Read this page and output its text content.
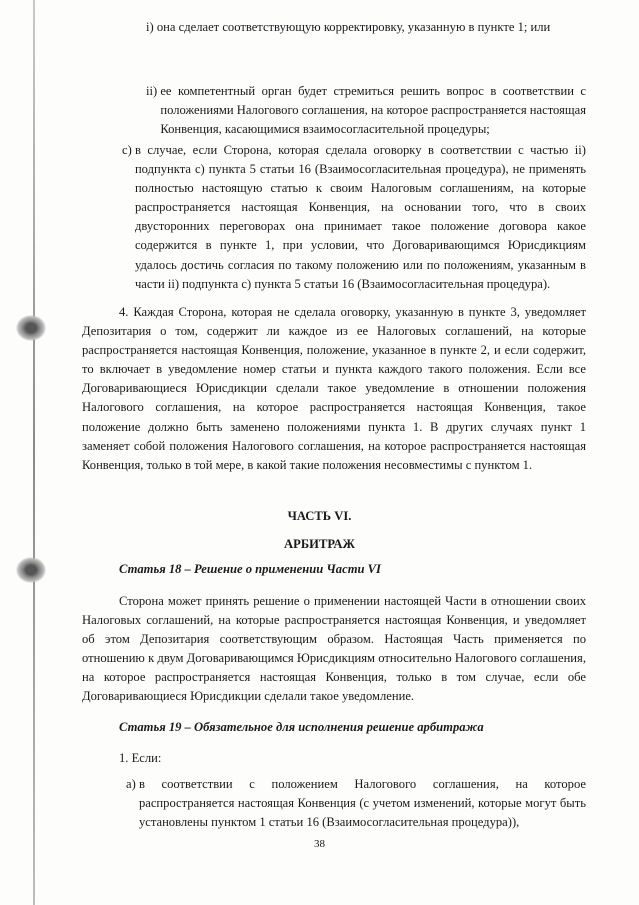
i) она сделает соответствующую корректировку, указанную в пункте 1; или

ii) ее компетентный орган будет стремиться решить вопрос в соответствии с положениями Налогового соглашения, на которое распространяется настоящая Конвенция, касающимися взаимосогласительной процедуры;
c) в случае, если Сторона, которая сделала оговорку в соответствии с частью ii) подпункта c) пункта 5 статьи 16 (Взаимосогласительная процедура), не применять полностью настоящую статью к своим Налоговым соглашениям, на которые распространяется настоящая Конвенция, на основании того, что в своих двусторонних переговорах она принимает такое положение договора какое содержится в пункте 1, при условии, что Договаривающимся Юрисдикциям удалось достичь согласия по такому положению или по положениям, указанным в части ii) подпункта c) пункта 5 статьи 16 (Взаимосогласительная процедура).

4. Каждая Сторона, которая не сделала оговорку, указанную в пункте 3, уведомляет Депозитария о том, содержит ли каждое из ее Налоговых соглашений, на которые распространяется настоящая Конвенция, положение, указанное в пункте 2, и если содержит, то включает в уведомление номер статьи и пункта каждого такого положения. Если все Договаривающиеся Юрисдикции сделали такое уведомление в отношении положения Налогового соглашения, на которое распространяется настоящая Конвенция, такое положение должно быть заменено положениями пункта 1. В других случаях пункт 1 заменяет собой положения Налогового соглашения, на которое распространяется настоящая Конвенция, только в той мере, в какой такие положения несовместимы с пунктом 1.

ЧАСТЬ VI.

АРБИТРАЖ

Статья 18 – Решение о применении Части VI

Сторона может принять решение о применении настоящей Части в отношении своих Налоговых соглашений, на которые распространяется настоящая Конвенция, и уведомляет об этом Депозитария соответствующим образом. Настоящая Часть применяется по отношению к двум Договаривающимся Юрисдикциям относительно Налогового соглашения, на которое распространяется настоящая Конвенция, только в том случае, если обе Договаривающиеся Юрисдикции сделали такое уведомление.

Статья 19 – Обязательное для исполнения решение арбитража

1. Если:

a) в соответствии с положением Налогового соглашения, на которое распространяется настоящая Конвенция (с учетом изменений, которые могут быть установлены пунктом 1 статьи 16 (Взаимосогласительная процедура)),

38
